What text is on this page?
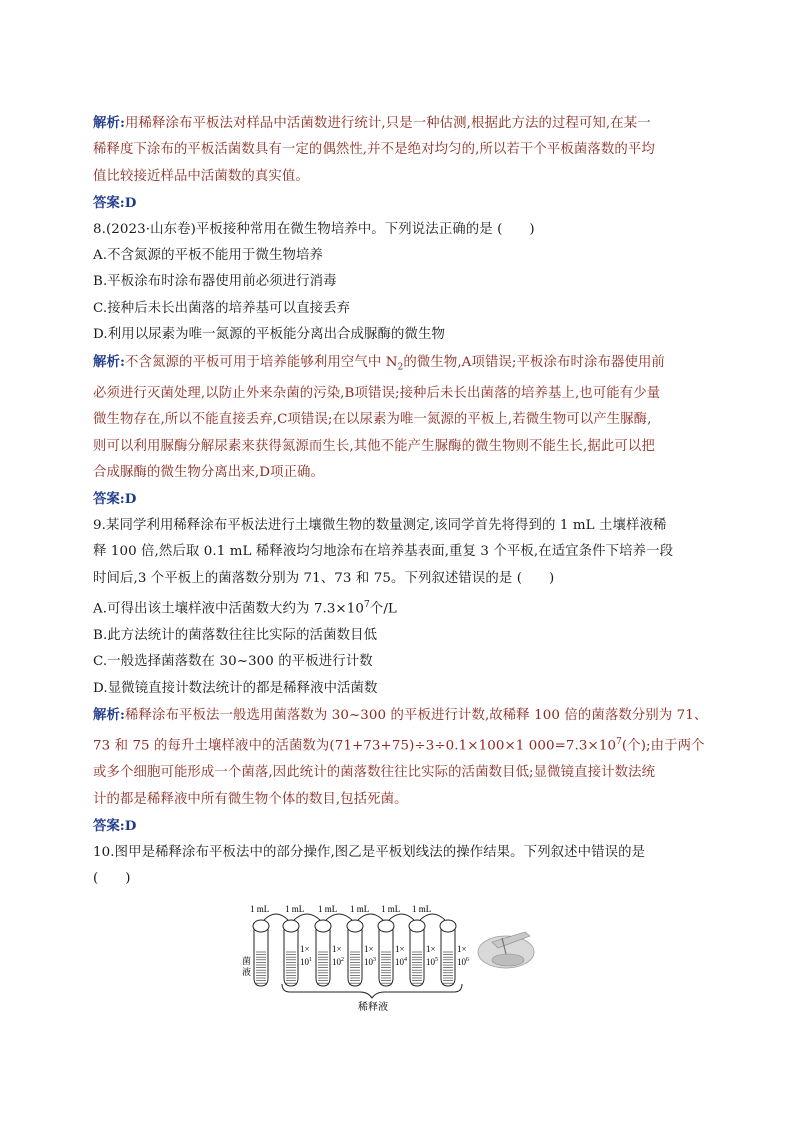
解析:用稀释涂布平板法对样品中活菌数进行统计,只是一种估测,根据此方法的过程可知,在某一
稀释度下涂布的平板活菌数具有一定的偶然性,并不是绝对均匀的,所以若干个平板菌落数的平均
值比较接近样品中活菌数的真实值。
答案:D
8.(2023·山东卷)平板接种常用在微生物培养中。下列说法正确的是 (　　)
A.不含氮源的平板不能用于微生物培养
B.平板涂布时涂布器使用前必须进行消毒
C.接种后未长出菌落的培养基可以直接丢弃
D.利用以尿素为唯一氮源的平板能分离出合成脲酶的微生物
解析:不含氮源的平板可用于培养能够利用空气中 $N_2$的微生物,A项错误;平板涂布时涂布器使用前
必须进行灭菌处理,以防止外来杂菌的污染,B项错误;接种后未长出菌落的培养基上,也可能有少量
微生物存在,所以不能直接丢弃,C项错误;在以尿素为唯一氮源的平板上,若微生物可以产生脲酶,
则可以利用脲酶分解尿素来获得氮源而生长,其他不能产生脲酶的微生物则不能生长,据此可以把
合成脲酶的微生物分离出来,D项正确。
答案:D
9.某同学利用稀释涂布平板法进行土壤微生物的数量测定,该同学首先将得到的 1 mL 土壤样液稀
释 100 倍,然后取 0.1 mL 稀释液均匀地涂布在培养基表面,重复 3 个平板,在适宜条件下培养一段
时间后,3 个平板上的菌落数分别为 71、73 和 75。下列叙述错误的是 (　　)
A.可得出该土壤样液中活菌数大约为 $7.3\times 10^7$个/L
B.此方法统计的菌落数往往比实际的活菌数目低
C.一般选择菌落数在 30~300 的平板进行计数
D.显微镜直接计数法统计的都是稀释液中活菌数
解析:稀释涂布平板法一般选用菌落数为 30~300 的平板进行计数,故稀释 100 倍的菌落数分别为 71、
73 和 75 的每升土壤样液中的活菌数为(71+73+75)÷3÷0.1×100×1 $000=7.3\times 10^7$(个);由于两个
或多个细胞可能形成一个菌落,因此统计的菌落数往往比实际的活菌数目低;显微镜直接计数法统
计的都是稀释液中所有微生物个体的数目,包括死菌。
答案:D
10.图甲是稀释涂布平板法中的部分操作,图乙是平板划线法的操作结果。下列叙述中错误的是
(　　)
1×
$10^1$
1×
$10^2$
1×
$10^3$
1×
$10^4$
1×
$10^5$
1×
$10^6$
1 mL 1 mL 1 mL 1 mL 1 mL 1 mL
菌液
稀释液
